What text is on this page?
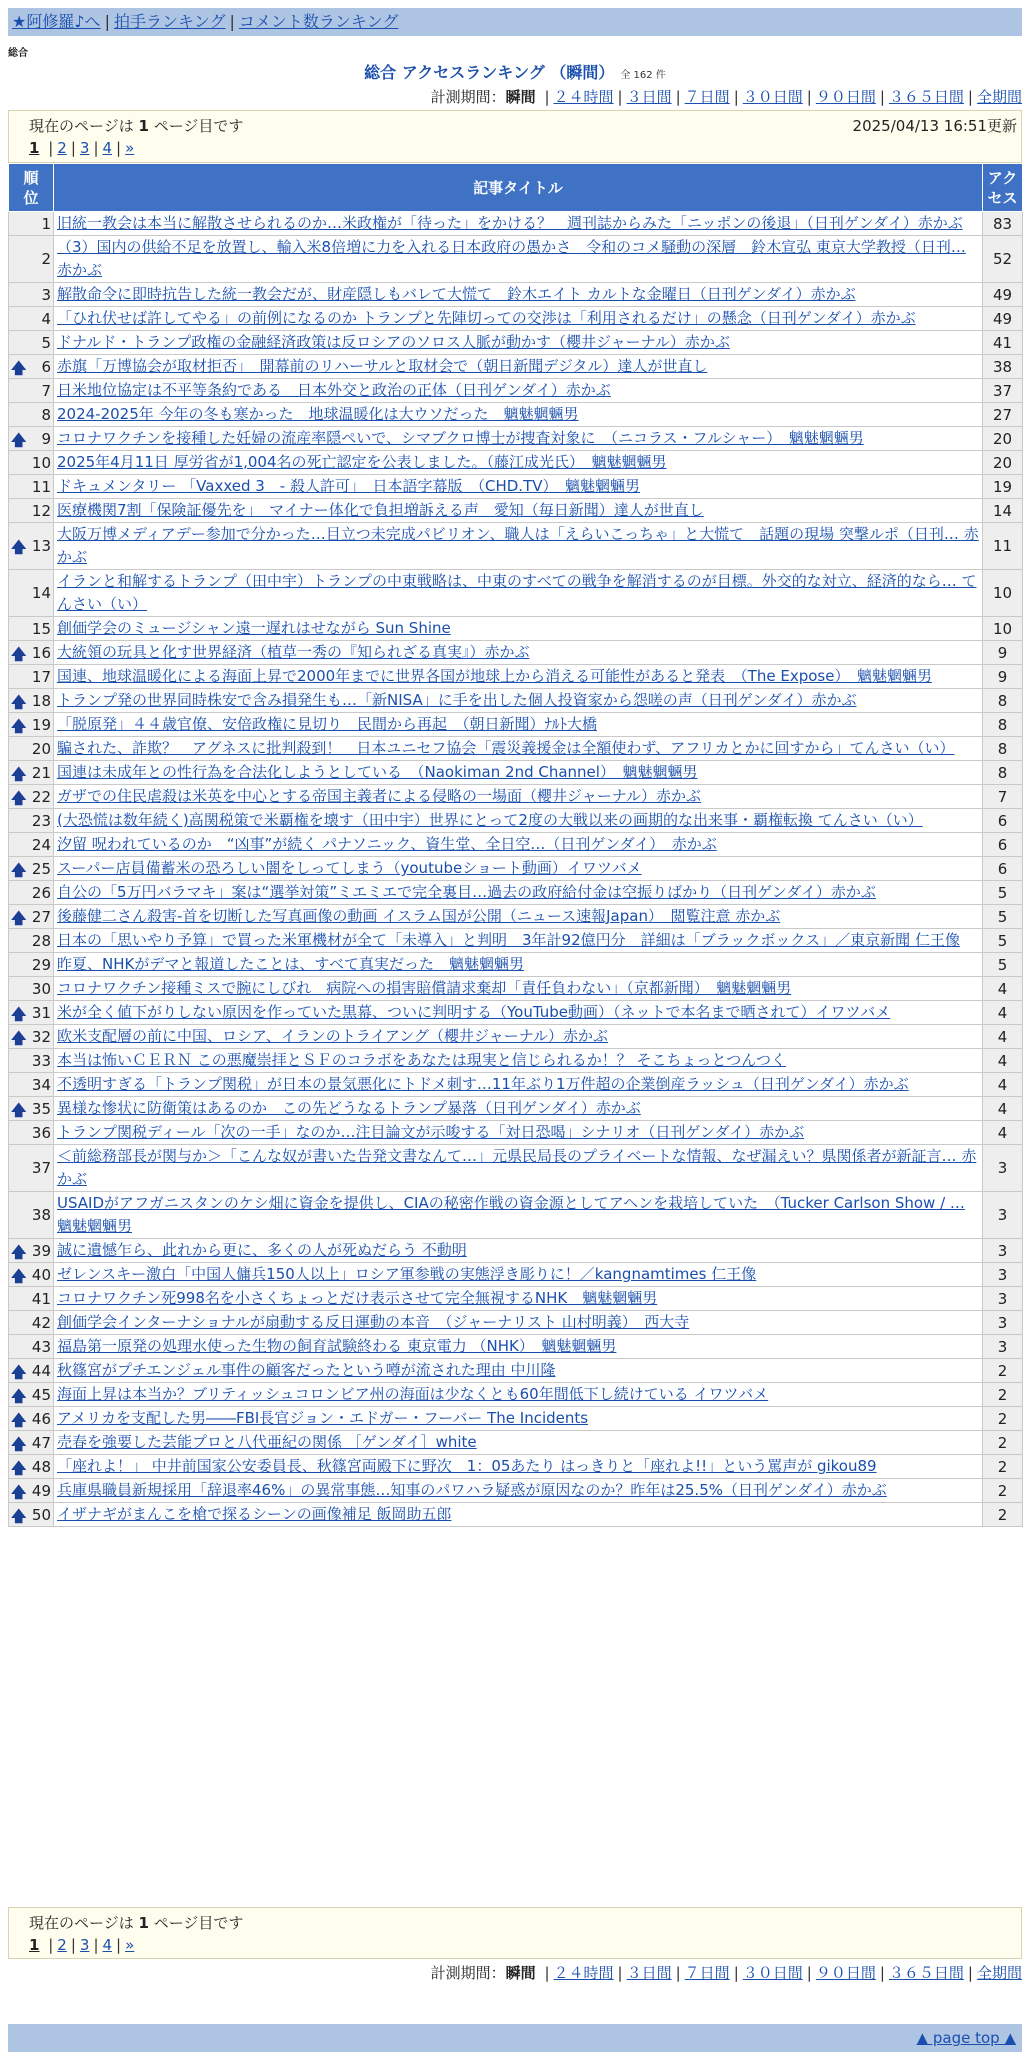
★阿修羅♪へ | 拍手ランキング | コメント数ランキング
総合
総合 アクセスランキング （瞬間） 全 162 件
計測期間：瞬間 | ２４時間 | ３日間 | ７日間 | ３０日間 | ９０日間 | ３６５日間 | 全期間
現在のページは 1 ページ目です	2025/04/13 16:51更新
1 | 2 | 3 | 4 | »
順位	記事タイトル	アクセス
1	旧統一教会は本当に解散させられるのか…米政権が「待った」をかける？　週刊誌からみた「ニッポンの後退」（日刊ゲンダイ）赤かぶ	83
2	（3）国内の供給不足を放置し、輸入米8倍増に力を入れる日本政府の愚かさ　令和のコメ騒動の深層　鈴木宣弘 東京大学教授（日刊… 赤かぶ	52
3	解散命令に即時抗告した統一教会だが、財産隠しもバレて大慌て　鈴木エイト カルトな金曜日（日刊ゲンダイ）赤かぶ	49
4	「ひれ伏せば許してやる」の前例になるのか トランプと先陣切っての交渉は「利用されるだけ」の懸念（日刊ゲンダイ）赤かぶ	49
5	ドナルド・トランプ政権の金融経済政策は反ロシアのソロス人脈が動かす（櫻井ジャーナル）赤かぶ	41

🡅 6	赤旗「万博協会が取材拒否」　開幕前のリハーサルと取材会で（朝日新聞デジタル）達人が世直し	38
7	日米地位協定は不平等条約である　日本外交と政治の正体（日刊ゲンダイ）赤かぶ	37
8	2024-2025年 今年の冬も寒かった　地球温暖化は大ウソだった　魑魅魍魎男	27

🡅 9	コロナワクチンを接種した妊婦の流産率隠ぺいで、シマブクロ博士が捜査対象に　（ニコラス・フルシャー）　魑魅魍魎男	20
10	2025年4月11日 厚労省が1,004名の死亡認定を公表しました。（藤江成光氏）　魑魅魍魎男	20
11	ドキュメンタリー 「Vaxxed 3　- 殺人許可」　日本語字幕版　（CHD.TV）　魑魅魍魎男	19
12	医療機関7割「保険証優先を」　マイナー体化で負担増訴える声　愛知（毎日新聞）達人が世直し	14

🡅 13	大阪万博メディアデー参加で分かった…目立つ未完成パビリオン、職人は「えらいこっちゃ」と大慌て　話題の現場 突撃ルポ（日刊… 赤かぶ	11
14	イランと和解するトランプ（田中宇）トランプの中東戦略は、中東のすべての戦争を解消するのが目標。外交的な対立、経済的なら… てんさい（い）	10
15	創価学会のミュージシャン遠一遅れはせながら Sun Shine	10

🡅 16	大統領の玩具と化す世界経済（植草一秀の『知られざる真実』）赤かぶ	9
17	国連、地球温暖化による海面上昇で2000年までに世界各国が地球上から消える可能性があると発表　（The Expose）　魑魅魍魎男	9

🡅 18	トランプ発の世界同時株安で含み損発生も…「新NISA」に手を出した個人投資家から怨嗟の声（日刊ゲンダイ）赤かぶ	8

🡅 19	「脱原発」４４歳官僚、安倍政権に見切り　民間から再起　（朝日新聞）ﾅﾙﾄ大橋	8
20	騙された、詐欺？　アグネスに批判殺到！　日本ユニセフ協会「震災義援金は全額使わず、アフリカとかに回すから」てんさい（い）	8

🡅 21	国連は未成年との性行為を合法化しようとしている　（Naokiman 2nd Channel）　魑魅魍魎男	8

🡅 22	ガザでの住民虐殺は米英を中心とする帝国主義者による侵略の一場面（櫻井ジャーナル）赤かぶ	7
23	(大恐慌は数年続く)高関税策で米覇権を壊す（田中宇）世界にとって2度の大戦以来の画期的な出来事・覇権転換 てんさい（い）	6
24	汐留 呪われているのか　“凶事”が続く パナソニック、資生堂、全日空…（日刊ゲンダイ）　赤かぶ	6

🡅 25	スーパー店員備蓄米の恐ろしい闇をしってしまう（youtubeショート動画）イワツバメ	6
26	自公の「5万円バラマキ」案は“選挙対策”ミエミエで完全裏目…過去の政府給付金は空振りばかり（日刊ゲンダイ）赤かぶ	5

🡅 27	後藤健二さん殺害-首を切断した写真画像の動画 イスラム国が公開（ニュース速報Japan）　閲覧注意 赤かぶ	5
28	日本の「思いやり予算」で買った米軍機材が全て「未導入」と判明　3年計92億円分　詳細は「ブラックボックス」／東京新聞 仁王像	5
29	昨夏、NHKがデマと報道したことは、すべて真実だった　魑魅魍魎男	5
30	コロナワクチン接種ミスで腕にしびれ　病院への損害賠償請求棄却「責任負わない」（京都新聞）　魑魅魍魎男	4

🡅 31	米が全く値下がりしない原因を作っていた黒幕、ついに判明する（YouTube動画）（ネットで本名まで晒されて）イワツバメ	4

🡅 32	欧米支配層の前に中国、ロシア、イランのトライアング（櫻井ジャーナル）赤かぶ	4
33	本当は怖いＣＥＲＮ この悪魔崇拝とＳＦのコラボをあなたは現実と信じられるか！？ そこちょっとつんつく	4
34	不透明すぎる「トランプ関税」が日本の景気悪化にトドメ刺す…11年ぶり1万件超の企業倒産ラッシュ（日刊ゲンダイ）赤かぶ	4

🡅 35	異様な惨状に防衛策はあるのか　この先どうなるトランプ暴落（日刊ゲンダイ）赤かぶ	4
36	トランプ関税ディール「次の一手」なのか…注目論文が示唆する「対日恐喝」シナリオ（日刊ゲンダイ）赤かぶ	4
37	＜前総務部長が関与か＞「こんな奴が書いた告発文書なんて…」元県民局長のプライベートな情報、なぜ漏えい？県関係者が新証言… 赤かぶ	3
38	USAIDがアフガニスタンのケシ畑に資金を提供し、CIAの秘密作戦の資金源としてアヘンを栽培していた　（Tucker Carlson Show / … 魑魅魍魎男	3

🡅 39	誠に遺憾乍ら、此れから更に、多くの人が死ぬだらう 不動明	3

🡅 40	ゼレンスキー激白「中国人傭兵150人以上」ロシア軍参戦の実態浮き彫りに！／kangnamtimes 仁王像	3
41	コロナワクチン死998名を小さくちょっとだけ表示させて完全無視するNHK　魑魅魍魎男	3
42	創価学会インターナショナルが扇動する反日運動の本音　（ジャーナリスト 山村明義）　西大寺	3
43	福島第一原発の処理水使った生物の飼育試験終わる 東京電力 （NHK）　魑魅魍魎男	3

🡅 44	秋篠宮がプチエンジェル事件の顧客だったという噂が流された理由 中川隆	2

🡅 45	海面上昇は本当か？ブリティッシュコロンビア州の海面は少なくとも60年間低下し続けている イワツバメ	2

🡅 46	アメリカを支配した男――FBI長官ジョン・エドガー・フーバー The Incidents	2

🡅 47	売春を強要した芸能プロと八代亜紀の関係 ［ゲンダイ］white	2

🡅 48	「座れよ！」 中井前国家公安委員長、秋篠宮両殿下に野次　1：05あたり はっきりと「座れよ!!」という罵声が gikou89	2

🡅 49	兵庫県職員新規採用「辞退率46%」の異常事態…知事のパワハラ疑惑が原因なのか？昨年は25.5%（日刊ゲンダイ）赤かぶ	2

🡅 50	イザナギがまんこを槍で探るシーンの画像補足 飯岡助五郎	2
現在のページは 1 ページ目です
1 | 2 | 3 | 4 | »
計測期間：瞬間 | ２４時間 | ３日間 | ７日間 | ３０日間 | ９０日間 | ３６５日間 | 全期間
▲ page top ▲
